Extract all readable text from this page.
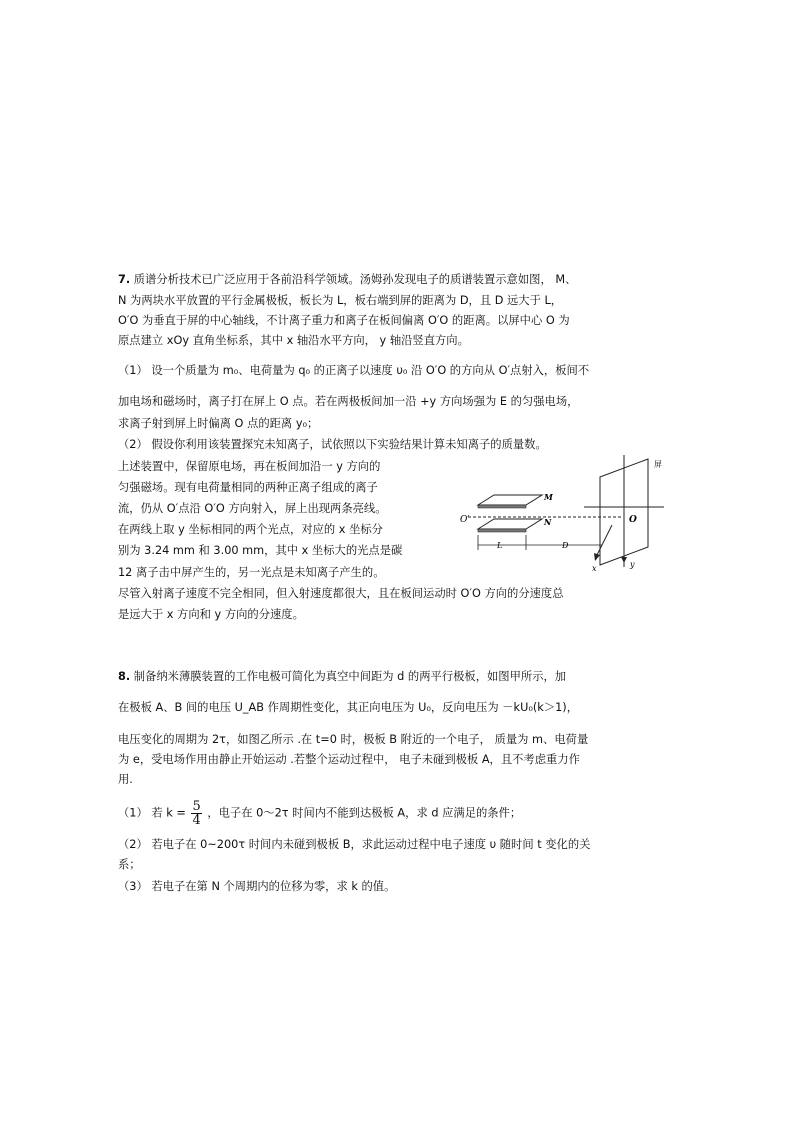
7. 质谱分析技术已广泛应用于各前沿科学领域。汤姆孙发现电子的质谱装置示意如图， M、
N 为两块水平放置的平行金属极板，板长为 L，板右端到屏的距离为 D，且 D 远大于 L，
O′O 为垂直于屏的中心轴线，不计离子重力和离子在板间偏离 O′O 的距离。以屏中心 O 为
原点建立 xOy 直角坐标系，其中 x 轴沿水平方向， y 轴沿竖直方向。
（1） 设一个质量为 m₀、电荷量为 q₀ 的正离子以速度 υ₀ 沿 O′O 的方向从 O′点射入，板间不
加电场和磁场时，离子打在屏上 O 点。若在两极板间加一沿 +y 方向场强为 E 的匀强电场，
求离子射到屏上时偏离 O 点的距离 y₀；
（2） 假设你利用该装置探究未知离子，试依照以下实验结果计算未知离子的质量数。
上述装置中，保留原电场，再在板间加沿一 y 方向的
匀强磁场。现有电荷量相同的两种正离子组成的离子
流，仍从 O′点沿 O′O 方向射入，屏上出现两条亮线。
在两线上取 y 坐标相同的两个光点，对应的 x 坐标分
别为 3.24 mm 和 3.00 mm，其中 x 坐标大的光点是碳
12 离子击中屏产生的，另一光点是未知离子产生的。
尽管入射离子速度不完全相同，但入射速度都很大，且在板间运动时 O′O 方向的分速度总
是远大于 x 方向和 y 方向的分速度。
O′
M
N
L	D
O
x	y
屏
8. 制备纳米薄膜装置的工作电极可简化为真空中间距为 d 的两平行极板，如图甲所示，加
在极板 A、B 间的电压 U_AB 作周期性变化，其正向电压为 U₀，反向电压为 －kU₀(k＞1)，
电压变化的周期为 2τ，如图乙所示 .在 t=0 时，极板 B 附近的一个电子， 质量为 m、电荷量
为 e，受电场作用由静止开始运动 .若整个运动过程中， 电子未碰到极板 A，且不考虑重力作
用.
（1） 若 $k = \frac{5}{4}$ ，电子在 0～2τ 时间内不能到达极板 A，求 d 应满足的条件；
（2） 若电子在 0~200τ 时间内未碰到极板 B，求此运动过程中电子速度 υ 随时间 t 变化的关
系；
（3） 若电子在第 N 个周期内的位移为零，求 k 的值。
